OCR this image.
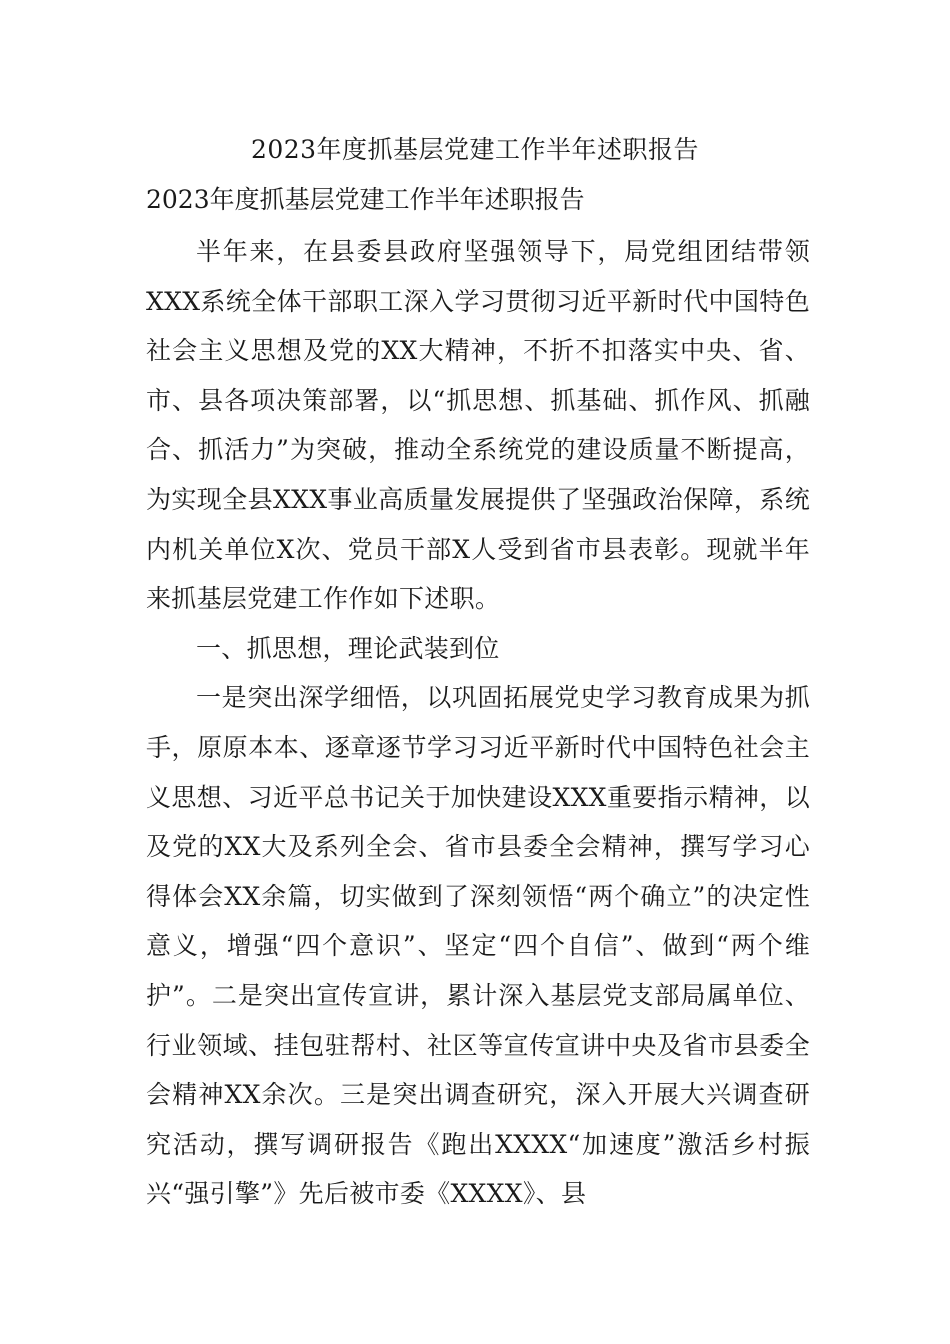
2023年度抓基层党建工作半年述职报告
2023年度抓基层党建工作半年述职报告

半年来，在县委县政府坚强领导下，局党组团结带领XXX系统全体干部职工深入学习贯彻习近平新时代中国特色社会主义思想及党的XX大精神，不折不扣落实中央、省、市、县各项决策部署，以“抓思想、抓基础、抓作风、抓融合、抓活力”为突破，推动全系统党的建设质量不断提高，为实现全县XXX事业高质量发展提供了坚强政治保障，系统内机关单位X次、党员干部X人受到省市县表彰。现就半年来抓基层党建工作作如下述职。

一、抓思想，理论武装到位

一是突出深学细悟，以巩固拓展党史学习教育成果为抓手，原原本本、逐章逐节学习习近平新时代中国特色社会主义思想、习近平总书记关于加快建设XXX重要指示精神，以及党的XX大及系列全会、省市县委全会精神，撰写学习心得体会XX余篇，切实做到了深刻领悟“两个确立”的决定性意义，增强“四个意识”、坚定“四个自信”、做到“两个维护”。二是突出宣传宣讲，累计深入基层党支部局属单位、行业领域、挂包驻帮村、社区等宣传宣讲中央及省市县委全会精神XX余次。三是突出调查研究，深入开展大兴调查研究活动，撰写调研报告《跑出XXXX“加速度”激活乡村振兴“强引擎”》先后被市委《XXXX》、县
